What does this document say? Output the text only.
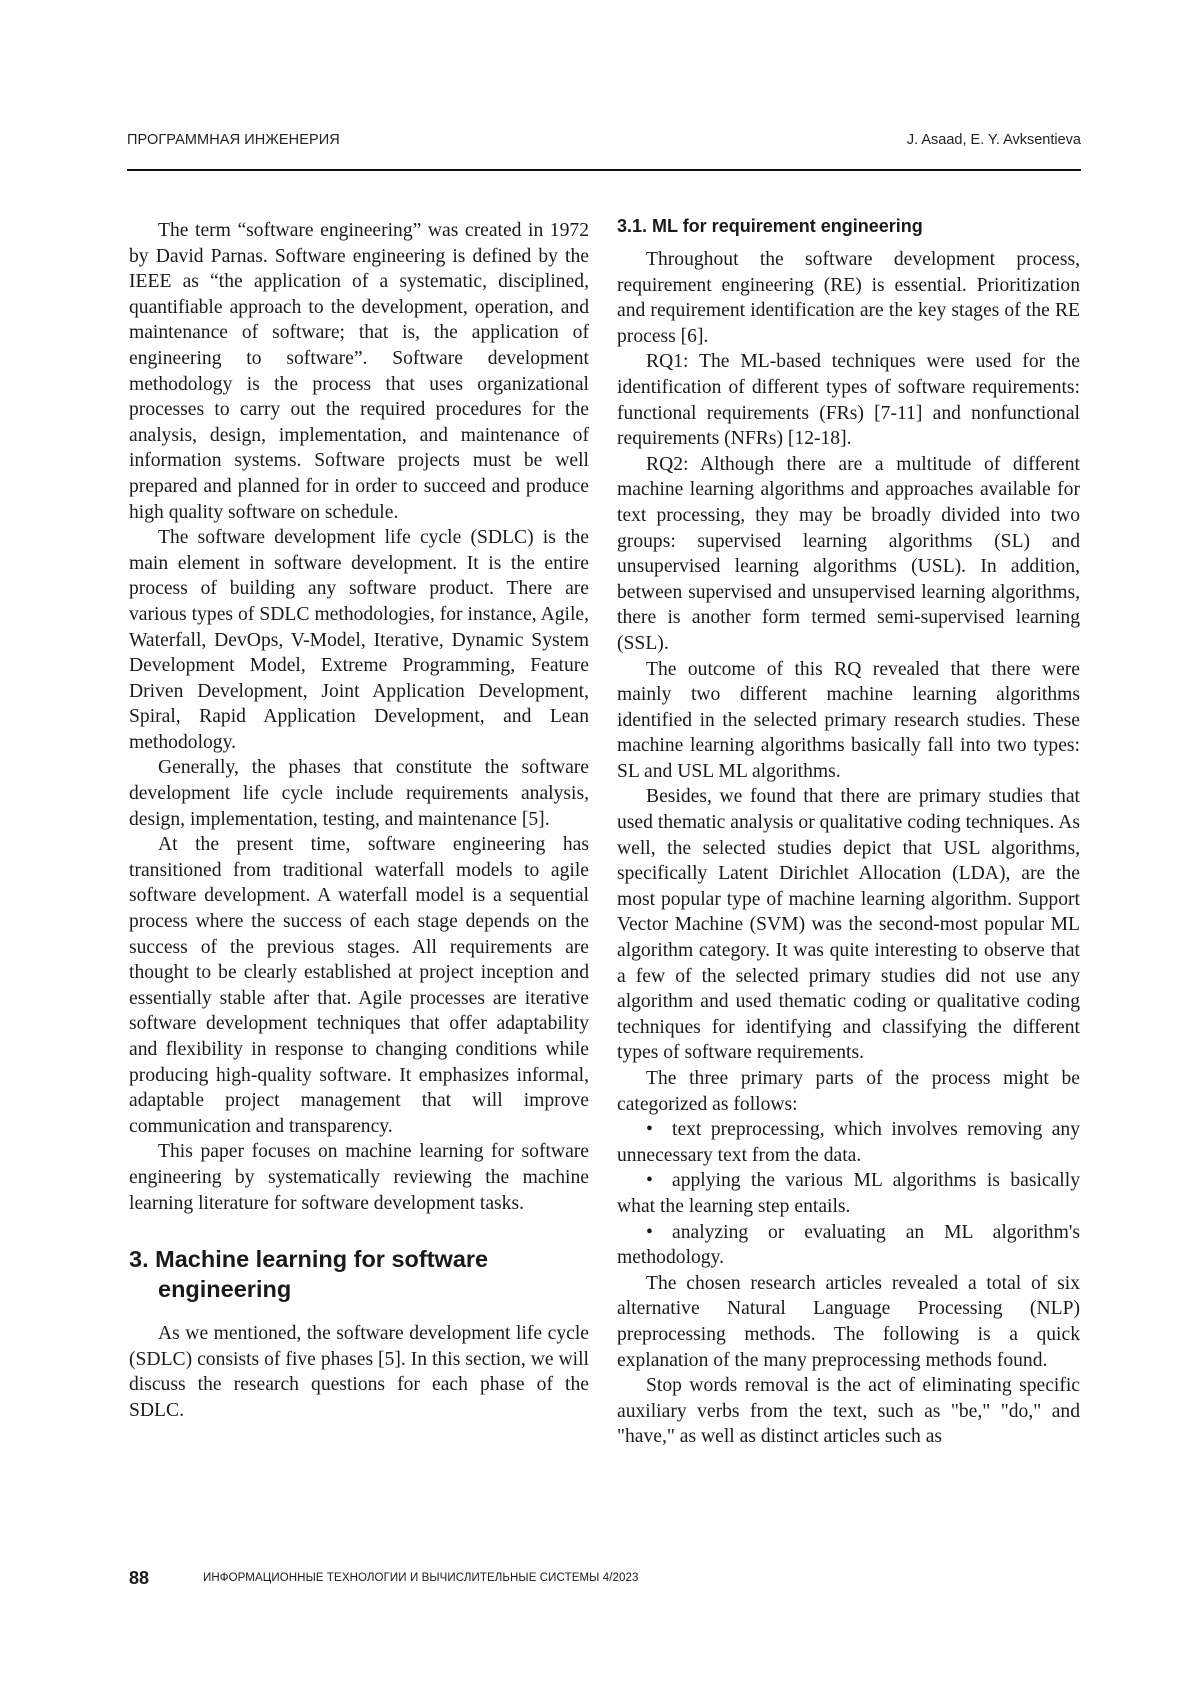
ПРОГРАММНАЯ ИНЖЕНЕРИЯ	J. Asaad, E. Y. Avksentieva

The term “software engineering” was created in 1972 by David Parnas. Software engineering is defined by the IEEE as “the application of a systematic, disciplined, quantifiable approach to the development, operation, and maintenance of software; that is, the application of engineering to software”. Software development methodology is the process that uses organizational processes to carry out the required procedures for the analysis, design, implementation, and maintenance of information systems. Software projects must be well prepared and planned for in order to succeed and produce high quality software on schedule.

The software development life cycle (SDLC) is the main element in software development. It is the entire process of building any software product. There are various types of SDLC methodologies, for instance, Agile, Waterfall, DevOps, V-Model, Iterative, Dynamic System Development Model, Extreme Programming, Feature Driven Development, Joint Application Development, Spiral, Rapid Application Development, and Lean methodology.

Generally, the phases that constitute the software development life cycle include requirements analysis, design, implementation, testing, and maintenance [5].

At the present time, software engineering has transitioned from traditional waterfall models to agile software development. A waterfall model is a sequential process where the success of each stage depends on the success of the previous stages. All requirements are thought to be clearly established at project inception and essentially stable after that. Agile processes are iterative software development techniques that offer adaptability and flexibility in response to changing conditions while producing high-quality software. It emphasizes informal, adaptable project management that will improve communication and transparency.

This paper focuses on machine learning for software engineering by systematically reviewing the machine learning literature for software development tasks.

3. Machine learning for software engineering

As we mentioned, the software development life cycle (SDLC) consists of five phases [5]. In this section, we will discuss the research questions for each phase of the SDLC.

3.1. ML for requirement engineering

Throughout the software development process, requirement engineering (RE) is essential. Prioritization and requirement identification are the key stages of the RE process [6].

RQ1: The ML-based techniques were used for the identification of different types of software requirements: functional requirements (FRs) [7-11] and nonfunctional requirements (NFRs) [12-18].

RQ2: Although there are a multitude of different machine learning algorithms and approaches available for text processing, they may be broadly divided into two groups: supervised learning algorithms (SL) and unsupervised learning algorithms (USL). In addition, between supervised and unsupervised learning algorithms, there is another form termed semi-supervised learning (SSL).

The outcome of this RQ revealed that there were mainly two different machine learning algorithms identified in the selected primary research studies. These machine learning algorithms basically fall into two types: SL and USL ML algorithms.

Besides, we found that there are primary studies that used thematic analysis or qualitative coding techniques. As well, the selected studies depict that USL algorithms, specifically Latent Dirichlet Allocation (LDA), are the most popular type of machine learning algorithm. Support Vector Machine (SVM) was the second-most popular ML algorithm category. It was quite interesting to observe that a few of the selected primary studies did not use any algorithm and used thematic coding or qualitative coding techniques for identifying and classifying the different types of software requirements.

The three primary parts of the process might be categorized as follows:

• text preprocessing, which involves removing any unnecessary text from the data.

• applying the various ML algorithms is basically what the learning step entails.

• analyzing or evaluating an ML algorithm's methodology.

The chosen research articles revealed a total of six alternative Natural Language Processing (NLP) preprocessing methods. The following is a quick explanation of the many preprocessing methods found.

Stop words removal is the act of eliminating specific auxiliary verbs from the text, such as "be," "do," and "have," as well as distinct articles such as

88	ИНФОРМАЦИОННЫЕ ТЕХНОЛОГИИ И ВЫЧИСЛИТЕЛЬНЫЕ СИСТЕМЫ 4/2023
